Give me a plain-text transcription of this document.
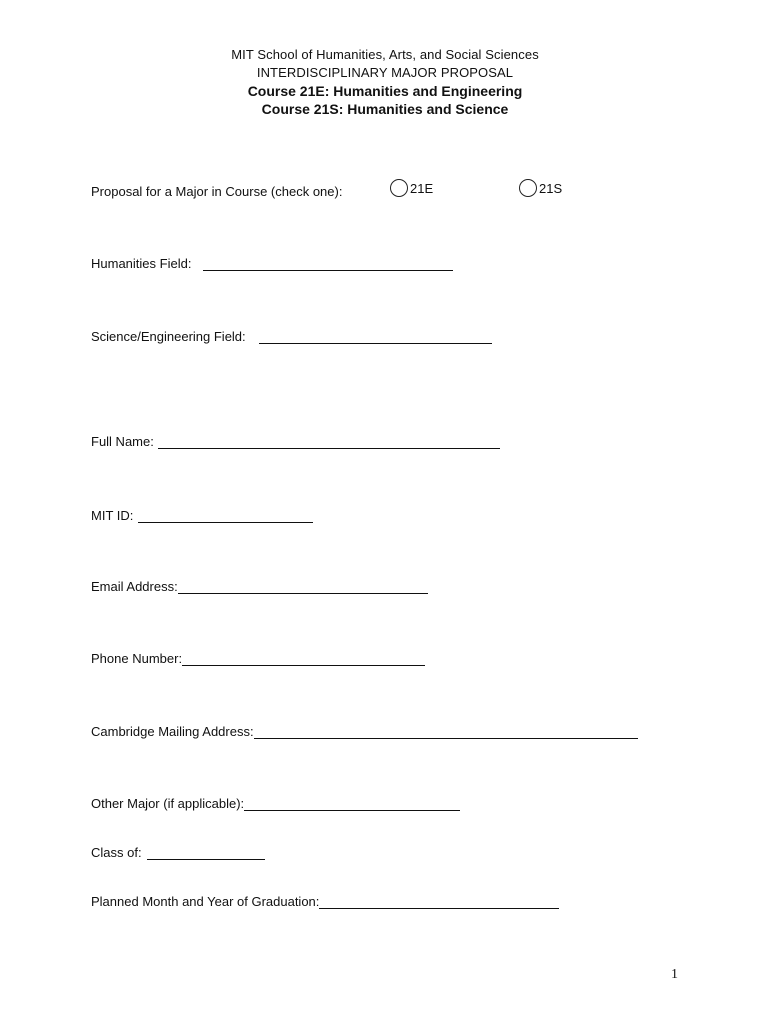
MIT School of Humanities, Arts, and Social Sciences
INTERDISCIPLINARY MAJOR PROPOSAL
Course 21E: Humanities and Engineering
Course 21S: Humanities and Science
Proposal for a Major in Course (check one):	21E	21S
Humanities Field:
Science/Engineering Field:
Full Name:
MIT ID:
Email Address:
Phone Number:
Cambridge Mailing Address:
Other Major (if applicable):
Class of:
Planned Month and Year of Graduation:
1
